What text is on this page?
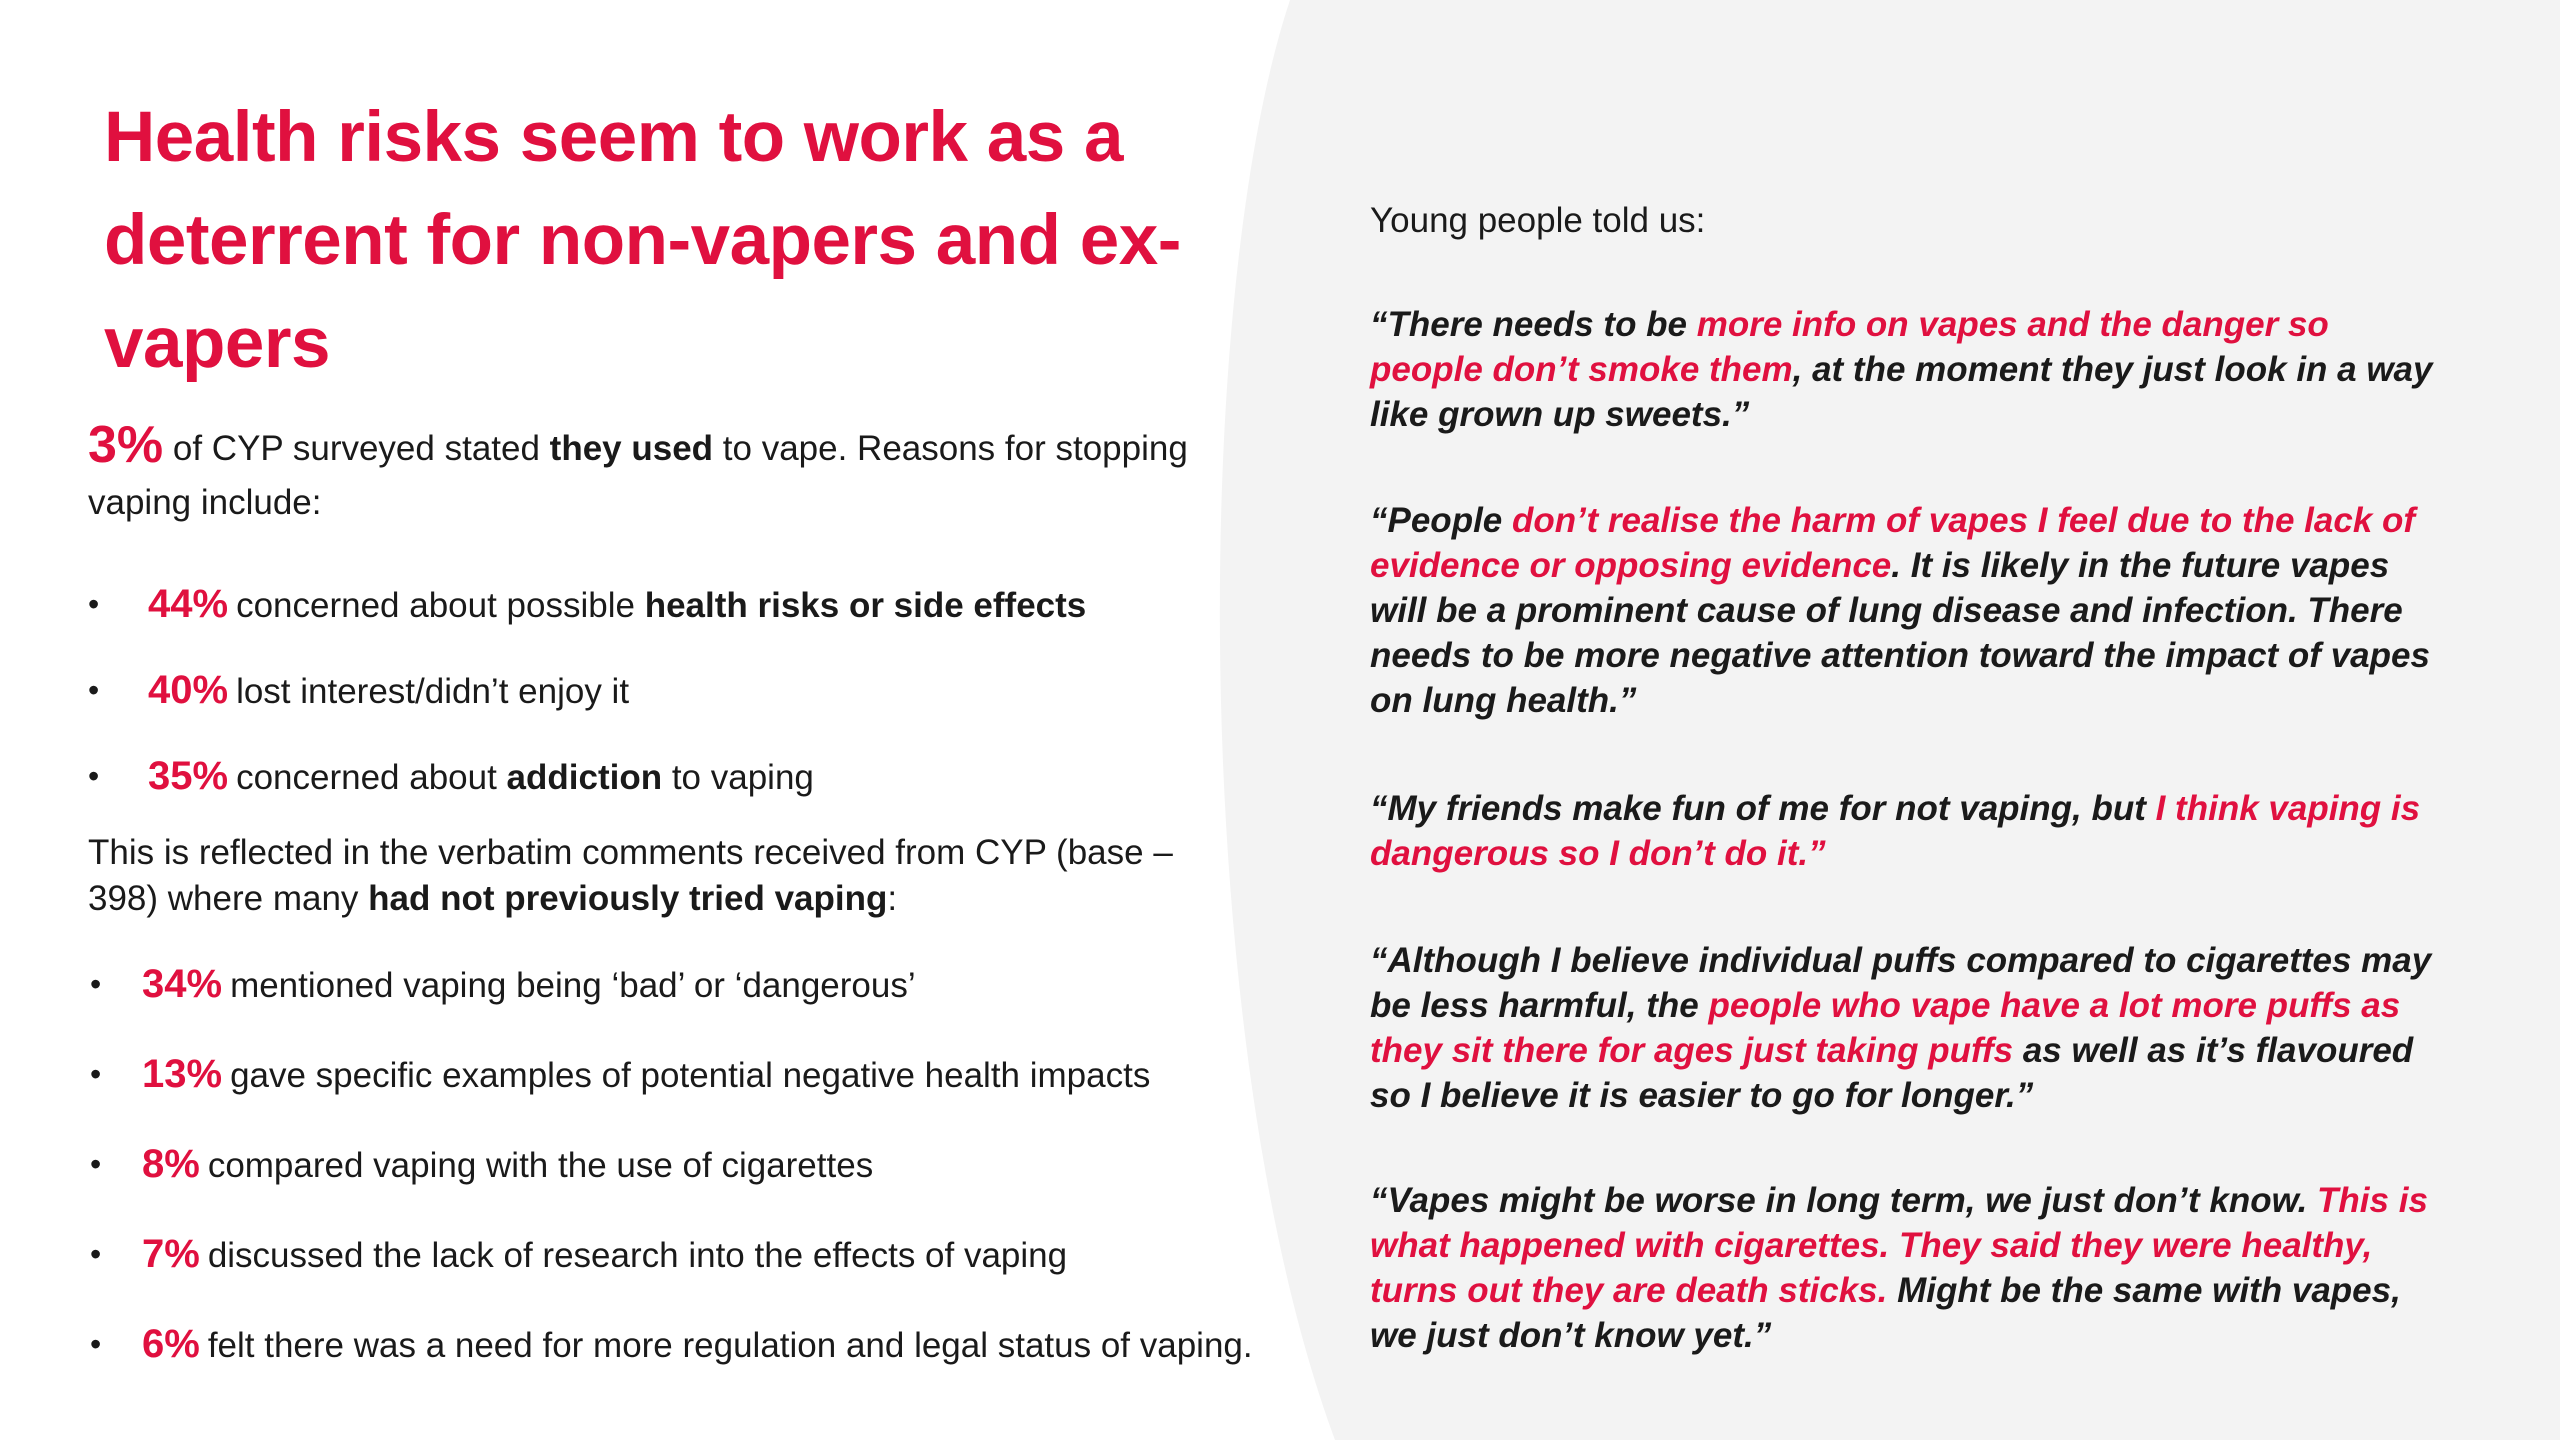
Health risks seem to work as a deterrent for non-vapers and ex-vapers

3% of CYP surveyed stated they used to vape. Reasons for stopping vaping include:

• 44% concerned about possible health risks or side effects
• 40% lost interest/didn’t enjoy it
• 35% concerned about addiction to vaping

This is reflected in the verbatim comments received from CYP (base – 398) where many had not previously tried vaping:

• 34% mentioned vaping being ‘bad’ or ‘dangerous’
• 13% gave specific examples of potential negative health impacts
• 8% compared vaping with the use of cigarettes
• 7% discussed the lack of research into the effects of vaping
• 6% felt there was a need for more regulation and legal status of vaping.

Young people told us:

“There needs to be more info on vapes and the danger so people don’t smoke them, at the moment they just look in a way like grown up sweets.”

“People don’t realise the harm of vapes I feel due to the lack of evidence or opposing evidence. It is likely in the future vapes will be a prominent cause of lung disease and infection. There needs to be more negative attention toward the impact of vapes on lung health.”

“My friends make fun of me for not vaping, but I think vaping is dangerous so I don’t do it.”

“Although I believe individual puffs compared to cigarettes may be less harmful, the people who vape have a lot more puffs as they sit there for ages just taking puffs as well as it’s flavoured so I believe it is easier to go for longer.”

“Vapes might be worse in long term, we just don’t know. This is what happened with cigarettes. They said they were healthy, turns out they are death sticks. Might be the same with vapes, we just don’t know yet.”
